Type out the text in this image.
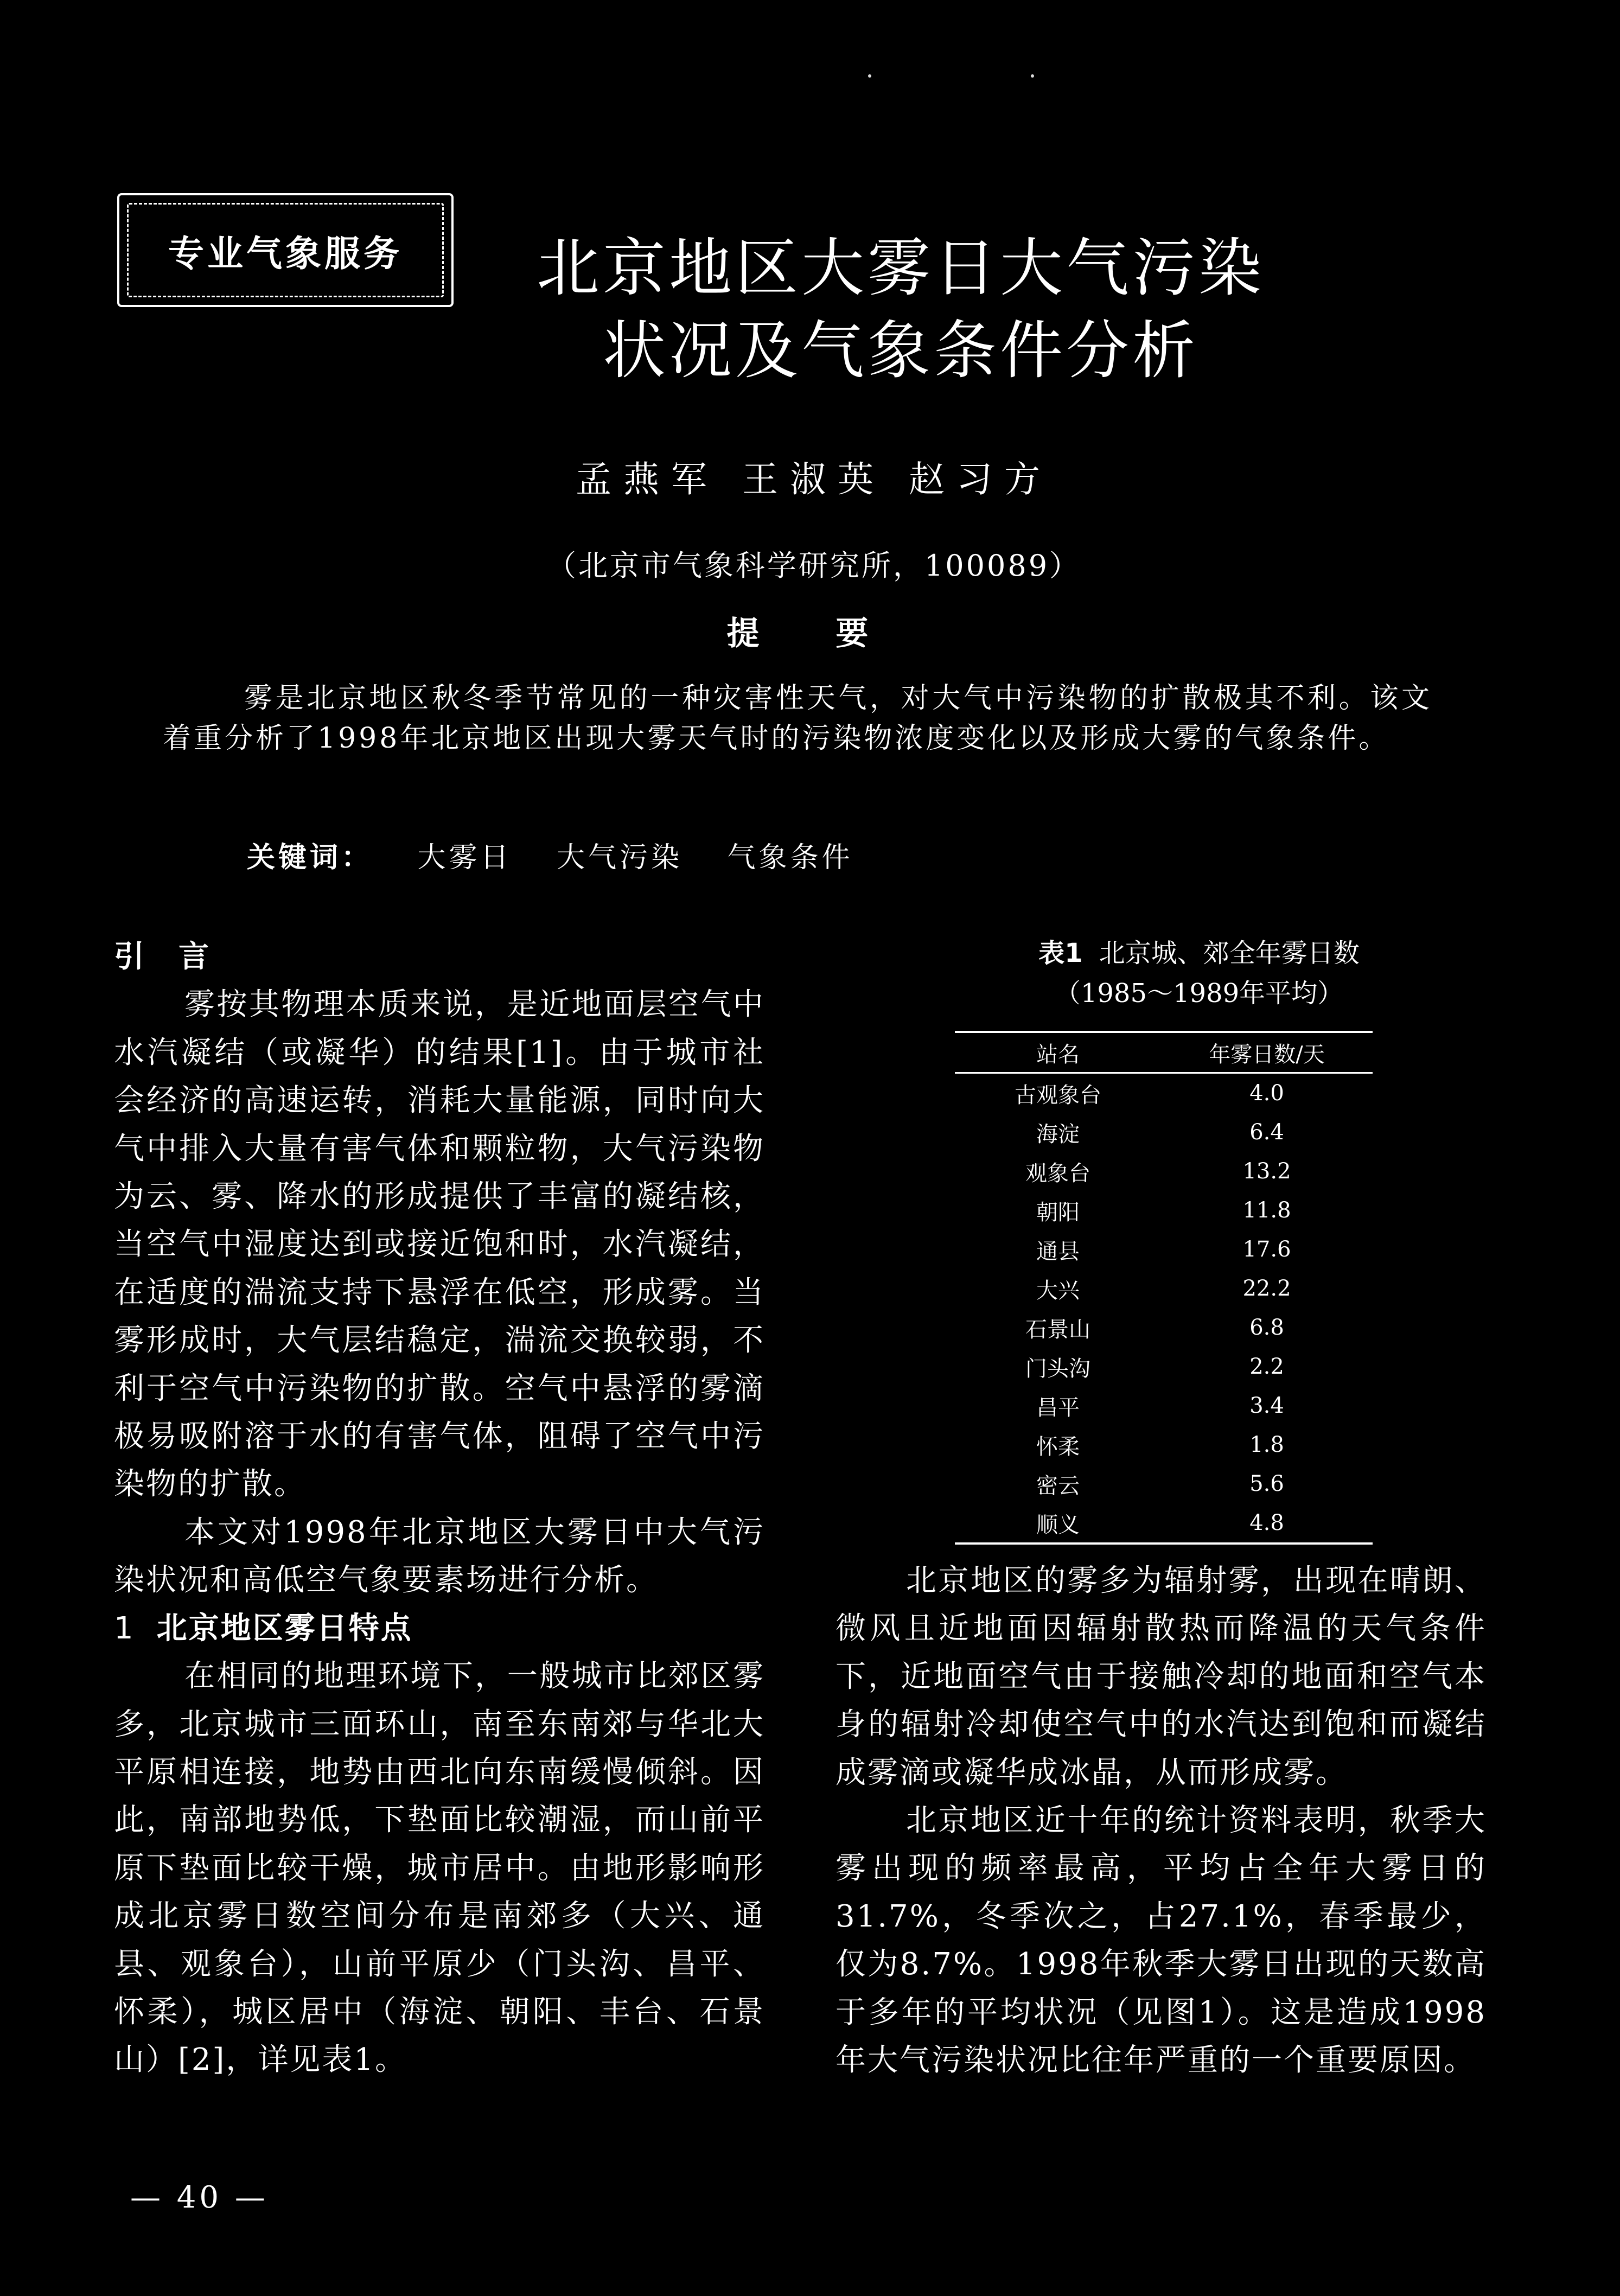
专业气象服务	北京地区大雾日大气污染
状况及气象条件分析
孟燕军 王淑英 赵习方
（北京市气象科学研究所，100089）
提 要

雾是北京地区秋冬季节常见的一种灾害性天气，对大气中污染物的扩散极其不利。该文着重分析了1998年北京地区出现大雾天气时的污染物浓度变化以及形成大雾的气象条件。

关键词： 大雾日 大气污染 气象条件
引 言

雾按其物理本质来说，是近地面层空气中水汽凝结（或凝华）的结果[1]。由于城市社会经济的高速运转，消耗大量能源，同时向大气中排入大量有害气体和颗粒物，大气污染物为云、雾、降水的形成提供了丰富的凝结核，当空气中湿度达到或接近饱和时，水汽凝结，在适度的湍流支持下悬浮在低空，形成雾。当雾形成时，大气层结稳定，湍流交换较弱，不利于空气中污染物的扩散。空气中悬浮的雾滴极易吸附溶于水的有害气体，阻碍了空气中污染物的扩散。

本文对1998年北京地区大雾日中大气污染状况和高低空气象要素场进行分析。

1 北京地区雾日特点

在相同的地理环境下，一般城市比郊区雾多，北京城市三面环山，南至东南郊与华北大平原相连接，地势由西北向东南缓慢倾斜。因此，南部地势低，下垫面比较潮湿，而山前平原下垫面比较干燥，城市居中。由地形影响形成北京雾日数空间分布是南郊多（大兴、通县、观象台），山前平原少（门头沟、昌平、怀柔），城区居中（海淀、朝阳、丰台、石景山）[2]，详见表1。

表1 北京城、郊全年雾日数
（1985～1989年平均）
站名	年雾日数/天
古观象台	4.0
海淀	6.4
观象台	13.2
朝阳	11.8
通县	17.6
大兴	22.2
石景山	6.8
门头沟	2.2
昌平	3.4
怀柔	1.8
密云	5.6
顺义	4.8

北京地区的雾多为辐射雾，出现在晴朗、微风且近地面因辐射散热而降温的天气条件下，近地面空气由于接触冷却的地面和空气本身的辐射冷却使空气中的水汽达到饱和而凝结成雾滴或凝华成冰晶，从而形成雾。

北京地区近十年的统计资料表明，秋季大雾出现的频率最高，平均占全年大雾日的31.7%，冬季次之，占27.1%，春季最少，仅为8.7%。1998年秋季大雾日出现的天数高于多年的平均状况（见图1）。这是造成1998年大气污染状况比往年严重的一个重要原因。

— 40 —
